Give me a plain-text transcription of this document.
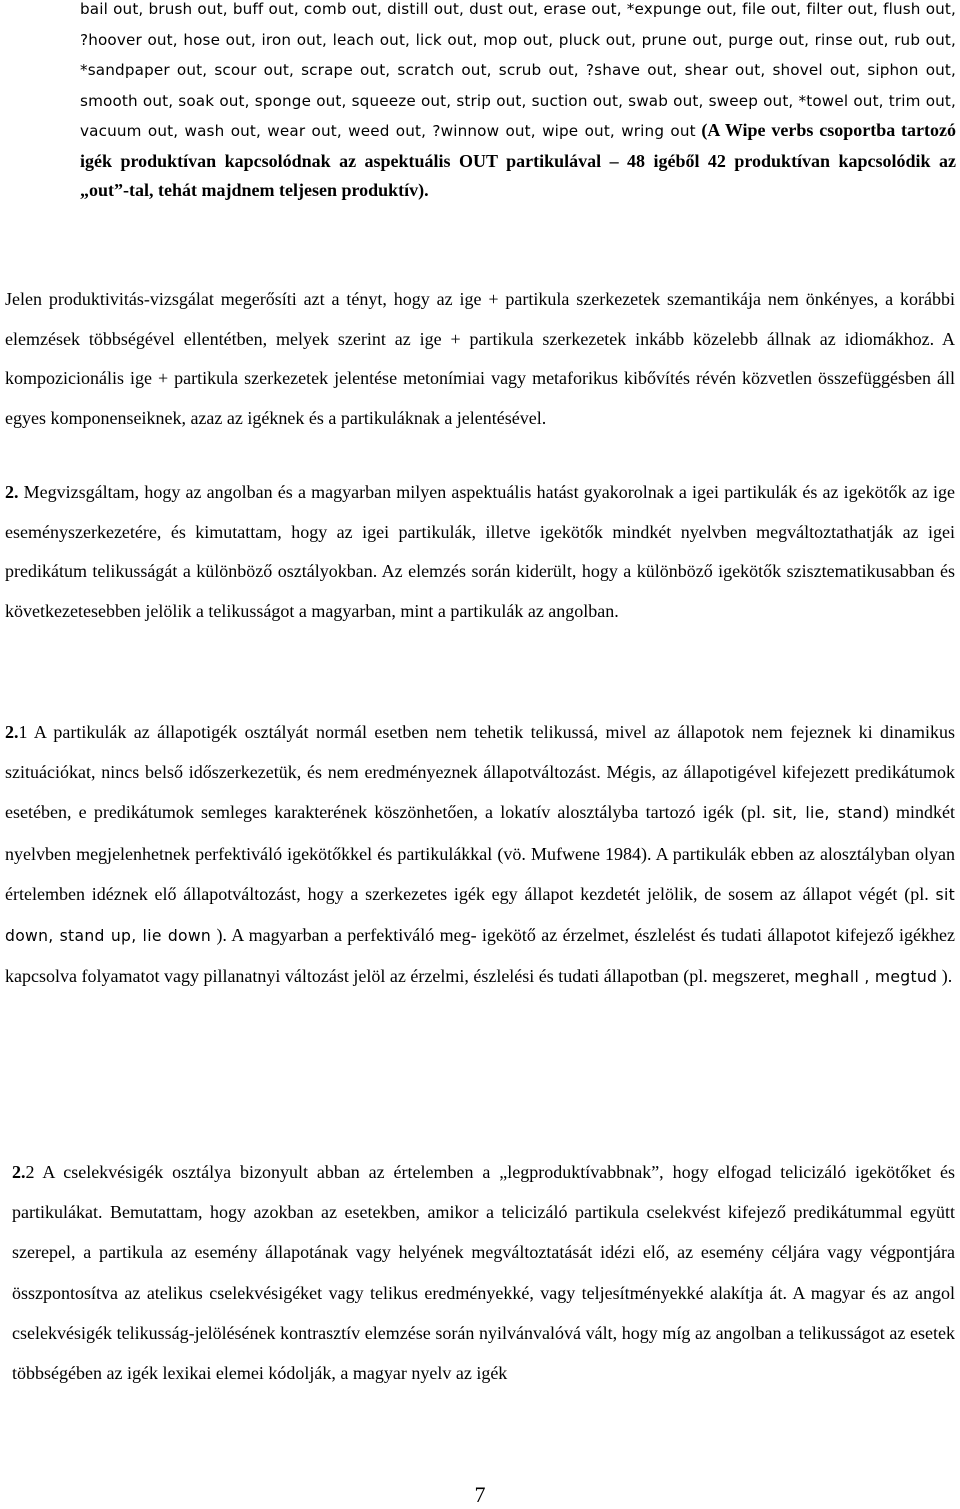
bail out, brush out, buff out, comb out, distill out, dust out, erase out, *expunge out, file out, filter out, flush out, ?hoover out, hose out, iron out, leach out, lick out, mop out, pluck out, prune out, purge out, rinse out, rub out, *sandpaper out, scour out, scrape out, scratch out, scrub out, ?shave out, shear out, shovel out, siphon out, smooth out, soak out, sponge out, squeeze out, strip out, suction out, swab out, sweep out, *towel out, trim out, vacuum out, wash out, wear out, weed out, ?winnow out, wipe out, wring out (A Wipe verbs csoportba tartozó igék produktívan kapcsolódnak az aspektuális OUT partikulával – 48 igéből 42 produktívan kapcsolódik az „out”-tal, tehát majdnem teljesen produktív).
Jelen produktivitás-vizsgálat megerősíti azt a tényt, hogy az ige + partikula szerkezetek szemantikája nem önkényes, a korábbi elemzések többségével ellentétben, melyek szerint az ige + partikula szerkezetek inkább közelebb állnak az idiomákhoz. A kompozicionális ige + partikula szerkezetek jelentése metonímiai vagy metaforikus kibővítés révén közvetlen összefüggésben áll egyes komponenseiknek, azaz az igéknek és a partikuláknak a jelentésével.
2. Megvizsgáltam, hogy az angolban és a magyarban milyen aspektuális hatást gyakorolnak a igei partikulák és az igekötők az ige eseményszerkezetére, és kimutattam, hogy az igei partikulák, illetve igekötők mindkét nyelvben megváltoztathatják az igei predikátum telikusságát a különböző osztályokban. Az elemzés során kiderült, hogy a különböző igekötők szisztematikusabban és következetesebben jelölik a telikusságot a magyarban, mint a partikulák az angolban.
2.1 A partikulák az állapotigék osztályát normál esetben nem tehetik telikussá, mivel az állapotok nem fejeznek ki dinamikus szituációkat, nincs belső időszerkezetük, és nem eredményeznek állapotváltozást. Mégis, az állapotigével kifejezett predikátumok esetében, e predikátumok semleges karakterének köszönhetően, a lokatív alosztályba tartozó igék (pl. sit, lie, stand) mindkét nyelvben megjelenhetnek perfektiváló igekötőkkel és partikulákkal (vö. Mufwene 1984). A partikulák ebben az alosztályban olyan értelemben idéznek elő állapotváltozást, hogy a szerkezetes igék egy állapot kezdetét jelölik, de sosem az állapot végét (pl. sit down, stand up, lie down ). A magyarban a perfektiváló meg- igekötő az érzelmet, észlelést és tudati állapotot kifejező igékhez kapcsolva folyamatot vagy pillanatnyi változást jelöl az érzelmi, észlelési és tudati állapotban (pl. megszeret, meghall , megtud ).
2.2 A cselekvésigék osztálya bizonyult abban az értelemben a „legproduktívabbnak”, hogy elfogad telicizáló igekötőket és partikulákat. Bemutattam, hogy azokban az esetekben, amikor a telicizáló partikula cselekvést kifejező predikátummal együtt szerepel, a partikula az esemény állapotának vagy helyének megváltoztatását idézi elő, az esemény céljára vagy végpontjára összpontosítva az atelikus cselekvésigéket vagy telikus eredményekké, vagy teljesítményekké alakítja át. A magyar és az angol cselekvésigék telikusság-jelölésének kontrasztív elemzése során nyilvánvalóvá vált, hogy míg az angolban a telikusságot az esetek többségében az igék lexikai elemei kódolják, a magyar nyelv az igék
7
